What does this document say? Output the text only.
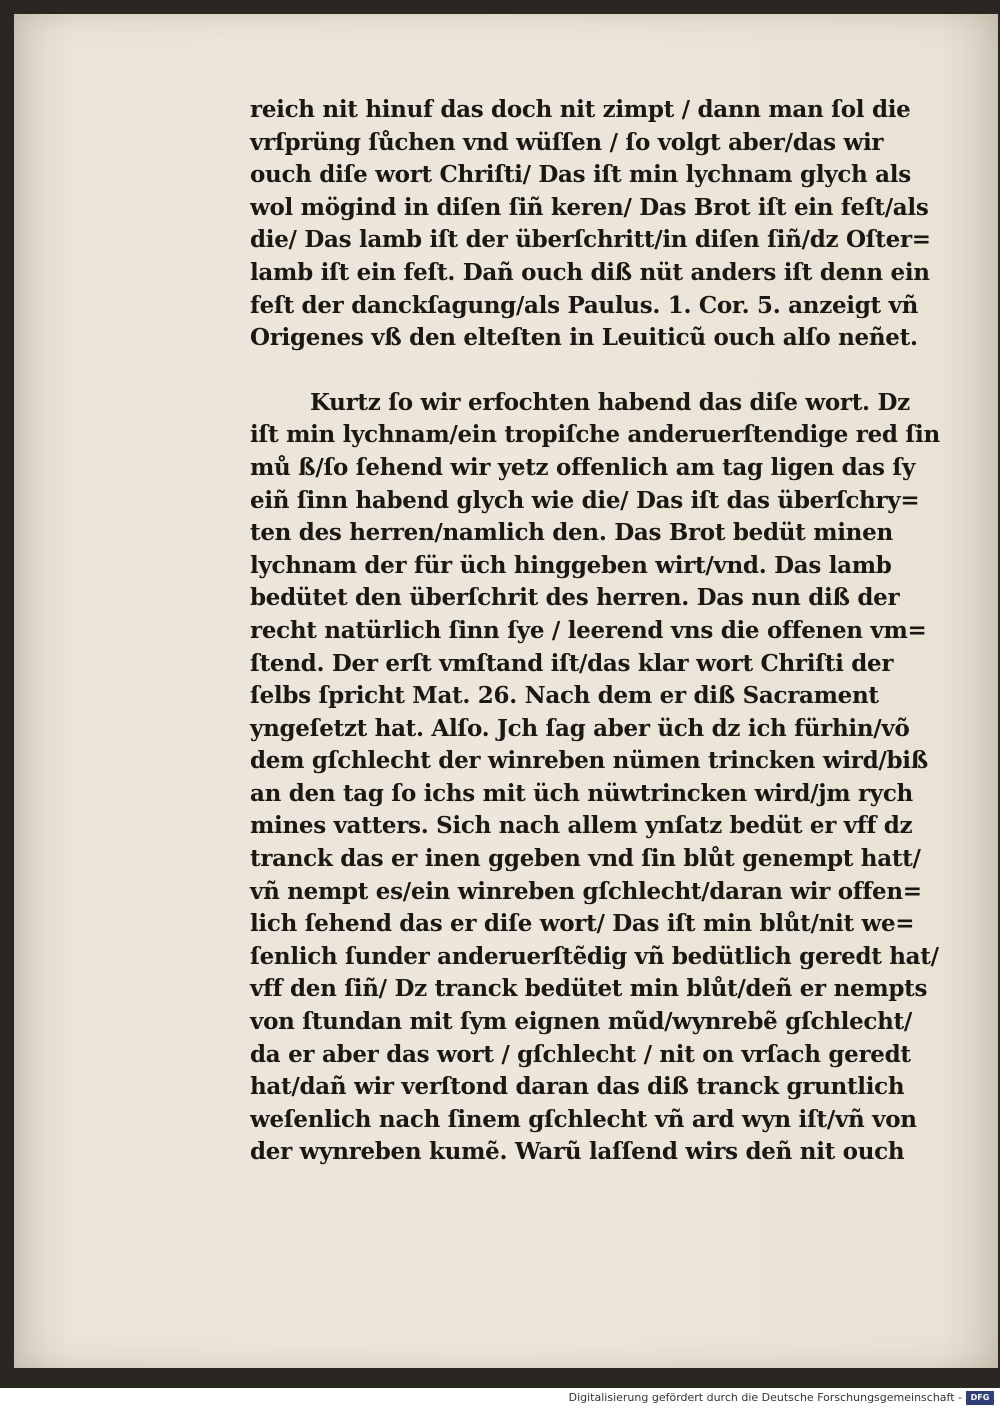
reich nit hinuf das doch nit zimpt / dann man ſol die
vrſprüng ſůchen vnd wüſſen / ſo volgt aber/das wir
ouch diſe wort Chriſti/ Das iſt min lychnam glych als
wol mögind in diſen ſiñ keren/ Das Brot iſt ein feſt/als
die/ Das lamb iſt der überſchritt/in diſen ſiñ/dz Oſter=
lamb iſt ein feſt. Dañ ouch diß nüt anders iſt denn ein
feſt der danckſagung/als Paulus. 1. Cor. 5. anzeigt vñ
Origenes vß den elteſten in Leuiticũ ouch alſo neñet.
Kurtz ſo wir erfochten habend das diſe wort. Dz
iſt min lychnam/ein tropiſche anderuerſtendige red ſin
mů ß/ſo ſehend wir yetz offenlich am tag ligen das ſy
eiñ ſinn habend glych wie die/ Das iſt das überſchry=
ten des herren/namlich den. Das Brot bedüt minen
lychnam der für üch hinggeben wirt/vnd. Das lamb
bedütet den überſchrit des herren. Das nun diß der
recht natürlich ſinn ſye / leerend vns die offenen vm=
ſtend. Der erſt vmſtand iſt/das klar wort Chriſti der
ſelbs ſpricht Mat. 26. Nach dem er diß Sacrament
yngeſetzt hat. Alſo. Jch ſag aber üch dz ich fürhin/võ
dem gſchlecht der winreben nümen trincken wird/biß
an den tag ſo ichs mit üch nüwtrincken wird/jm rych
mines vatters. Sich nach allem ynſatz bedüt er vff dz
tranck das er inen ggeben vnd ſin blůt genempt hatt/
vñ nempt es/ein winreben gſchlecht/daran wir offen=
lich ſehend das er diſe wort/ Das iſt min blůt/nit we=
ſenlich ſunder anderuerſtẽdig vñ bedütlich geredt hat/
vff den ſiñ/ Dz tranck bedütet min blůt/deñ er nempts
von ſtundan mit ſym eignen mũd/wynrebẽ gſchlecht/
da er aber das wort / gſchlecht / nit on vrſach geredt
hat/dañ wir verſtond daran das diß tranck gruntlich
weſenlich nach ſinem gſchlecht vñ ard wyn iſt/vñ von
der wynreben kumẽ. Warũ laſſend wirs deñ nit ouch
Digitalisierung gefördert durch die Deutsche Forschungsgemeinschaft -	DFG
